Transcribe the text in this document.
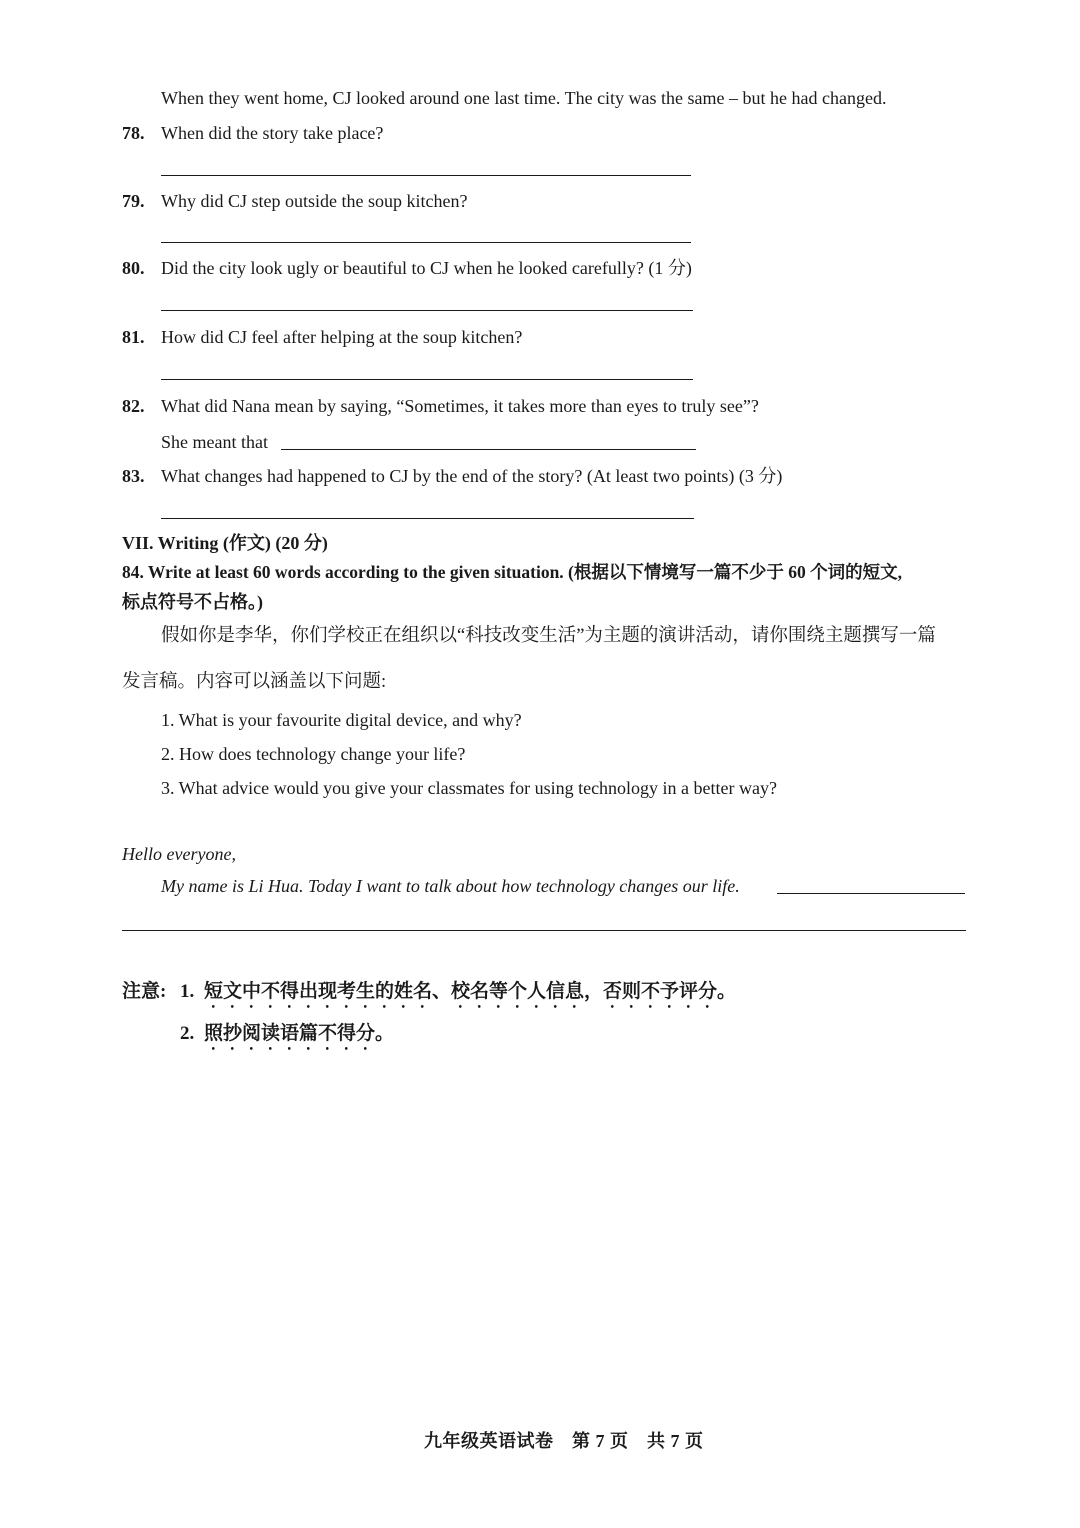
When they went home, CJ looked around one last time. The city was the same – but he had changed.
78. When did the story take place?
79. Why did CJ step outside the soup kitchen?
80. Did the city look ugly or beautiful to CJ when he looked carefully? (1 分)
81. How did CJ feel after helping at the soup kitchen?
82. What did Nana mean by saying, “Sometimes, it takes more than eyes to truly see”?
She meant that
83. What changes had happened to CJ by the end of the story? (At least two points) (3 分)
VII. Writing (作文) (20 分)
84. Write at least 60 words according to the given situation. (根据以下情境写一篇不少于 60 个词的短文,
标点符号不占格。)
假如你是李华，你们学校正在组织以“科技改变生活”为主题的演讲活动，请你围绕主题撰写一篇
发言稿。内容可以涵盖以下问题:
1. What is your favourite digital device, and why?
2. How does technology change your life?
3. What advice would you give your classmates for using technology in a better way?
Hello everyone,
My name is Li Hua. Today I want to talk about how technology changes our life.
注意: 1. 短文中不得出现考生的姓名、校名等个人信息，否则不予评分。
2. 照抄阅读语篇不得分。
九年级英语试卷　第 7 页　共 7 页
